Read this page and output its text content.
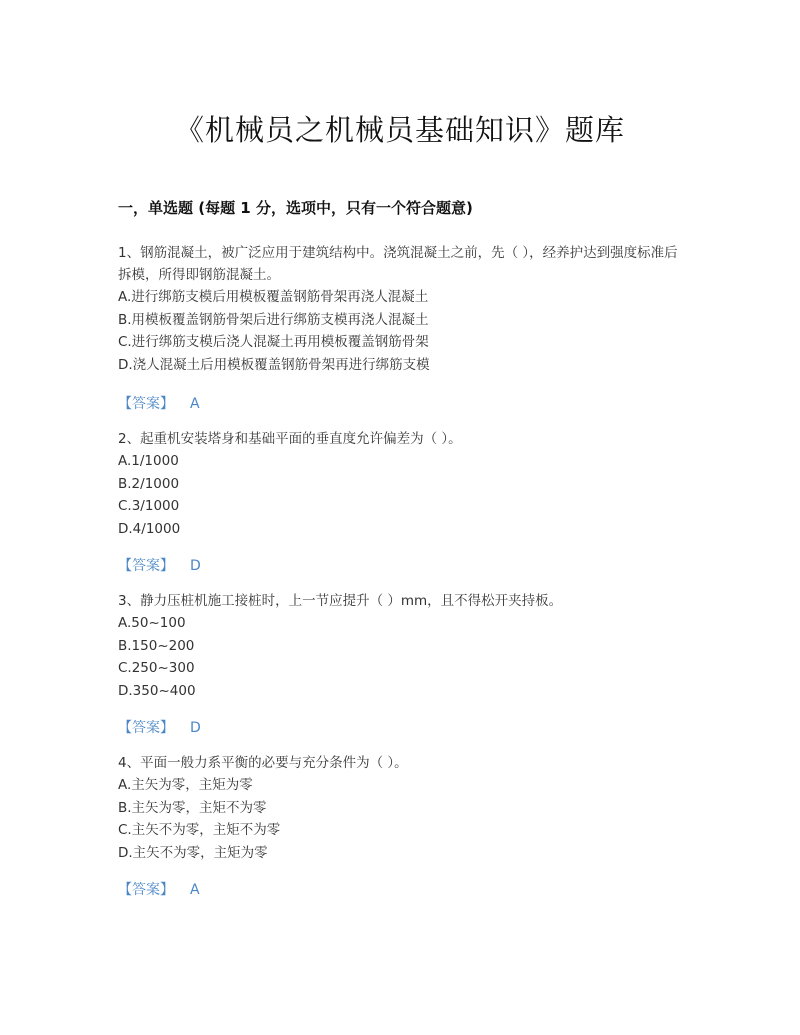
《机械员之机械员基础知识》题库
一，单选题 (每题 1 分，选项中，只有一个符合题意)

1、钢筋混凝土，被广泛应用于建筑结构中。浇筑混凝土之前，先（ ），经养护达到强度标准后拆模，所得即钢筋混凝土。

A.进行绑筋支模后用模板覆盖钢筋骨架再浇人混凝土

B.用模板覆盖钢筋骨架后进行绑筋支模再浇人混凝土

C.进行绑筋支模后浇人混凝土再用模板覆盖钢筋骨架

D.浇人混凝土后用模板覆盖钢筋骨架再进行绑筋支模

【答案】 A

2、起重机安装塔身和基础平面的垂直度允许偏差为（ ）。

A.1/1000

B.2/1000

C.3/1000

D.4/1000

【答案】 D

3、静力压桩机施工接桩时，上一节应提升（ ）mm，且不得松开夹持板。

A.50~100

B.150~200

C.250~300

D.350~400

【答案】 D

4、平面一般力系平衡的必要与充分条件为（ ）。

A.主矢为零，主矩为零

B.主矢为零，主矩不为零

C.主矢不为零，主矩不为零

D.主矢不为零，主矩为零

【答案】 A
